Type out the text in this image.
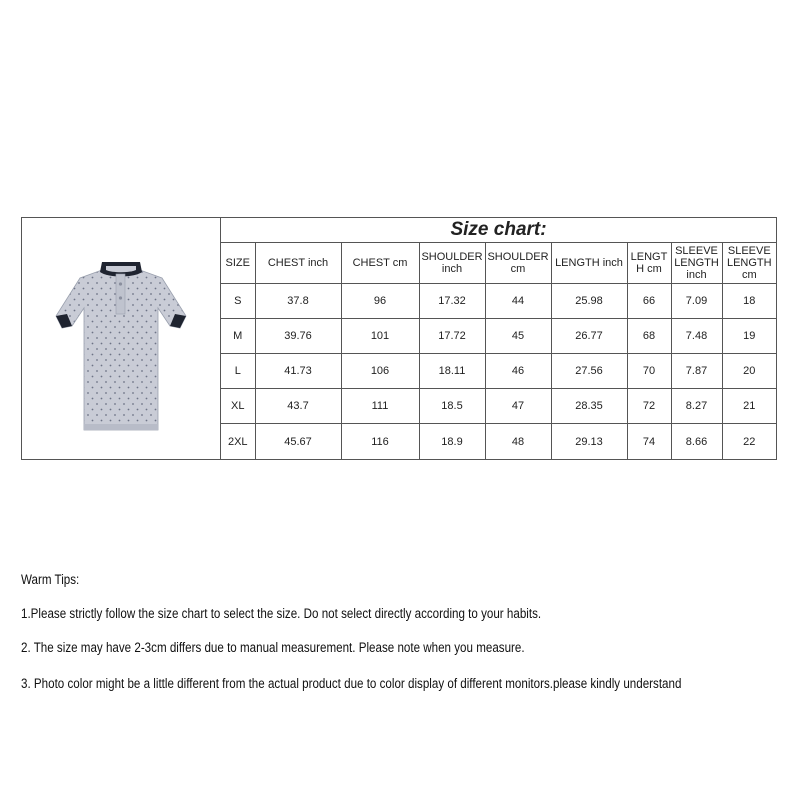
Size chart:								
SIZE	CHEST inch	CHEST cm	SHOULDER inch	SHOULDER cm	LENGTH inch	LENGT H cm	SLEEVE LENGTH inch	SLEEVE LENGTH cm
S	37.8	96	17.32	44	25.98	66	7.09	18
M	39.76	101	17.72	45	26.77	68	7.48	19
L	41.73	106	18.11	46	27.56	70	7.87	20
XL	43.7	111	18.5	47	28.35	72	8.27	21
2XL	45.67	116	18.9	48	29.13	74	8.66	22
Warm Tips:
1.Please strictly follow the size chart to select the size. Do not select directly according to your habits.
2. The size may have 2-3cm differs due to manual measurement. Please note when you measure.
3. Photo color might be a little different from the actual product due to color display of different monitors.please kindly understand
